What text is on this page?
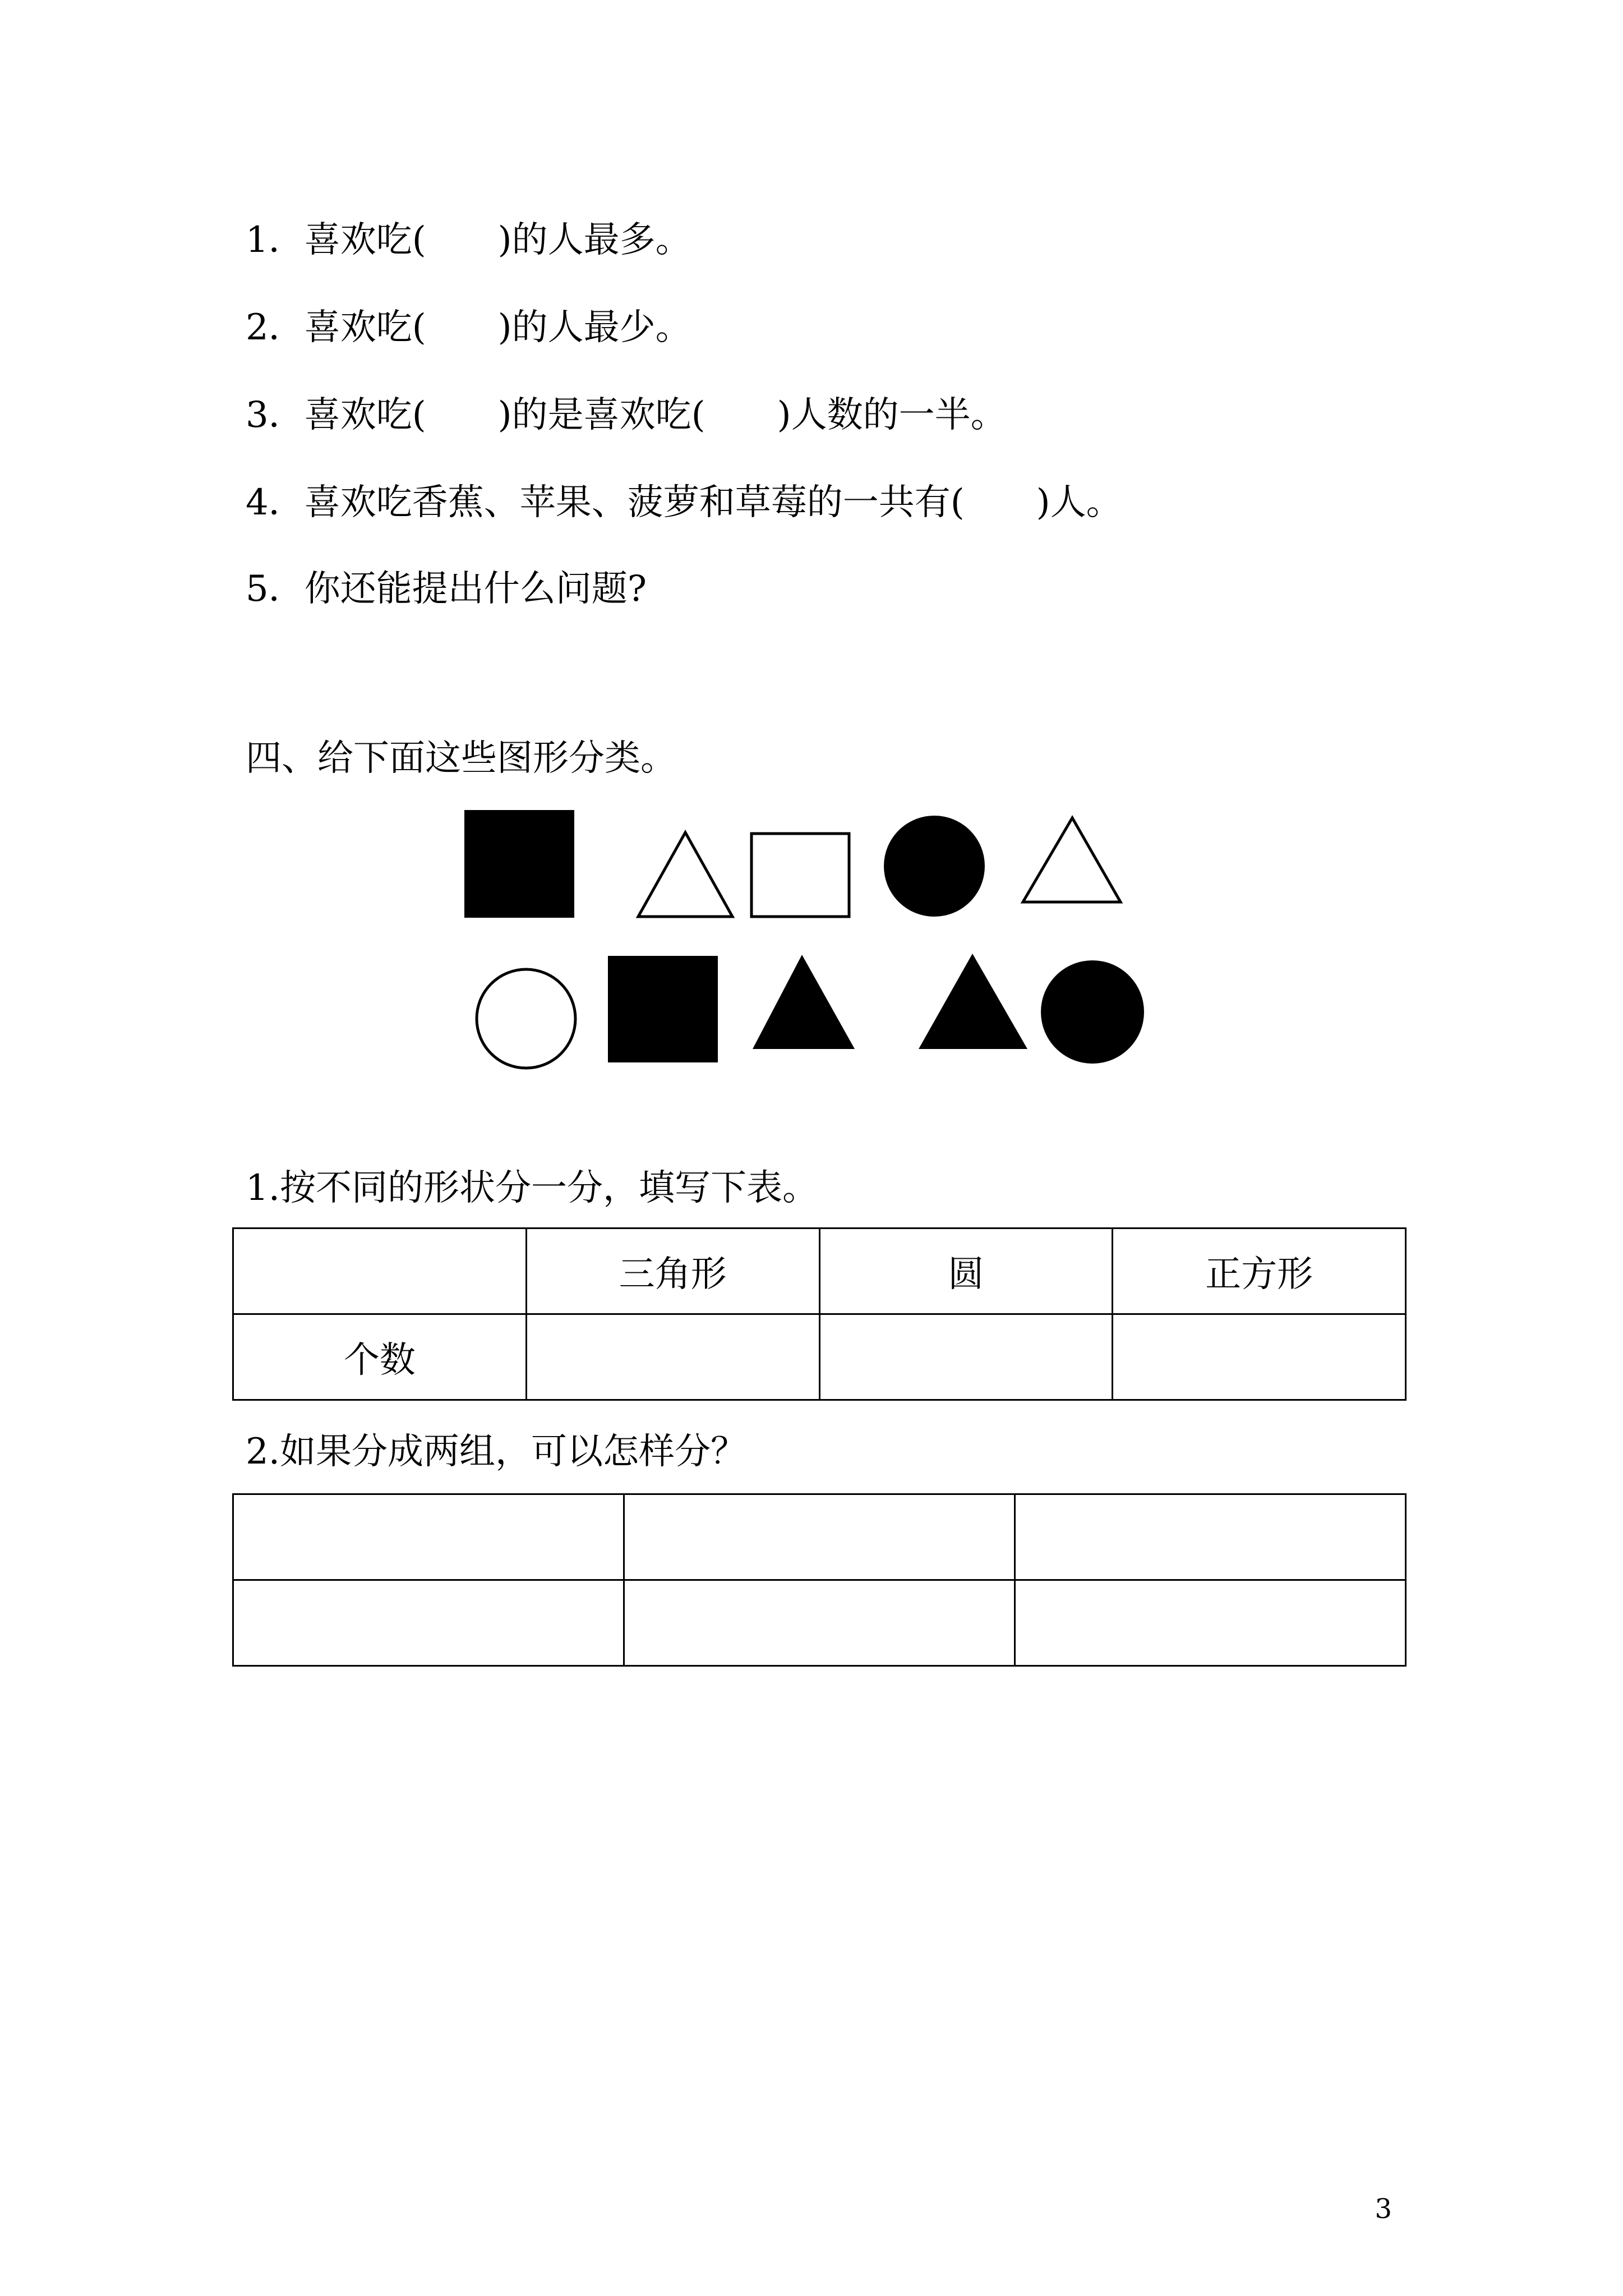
1．喜欢吃(　　)的人最多。
2．喜欢吃(　　)的人最少。
3．喜欢吃(　　)的是喜欢吃(　　)人数的一半。
4．喜欢吃香蕉、苹果、菠萝和草莓的一共有(　　)人。
5．你还能提出什么问题?
四、给下面这些图形分类。
1.按不同的形状分一分，填写下表。
	三角形	圆	正方形
个数			
2.如果分成两组，可以怎样分？

3
